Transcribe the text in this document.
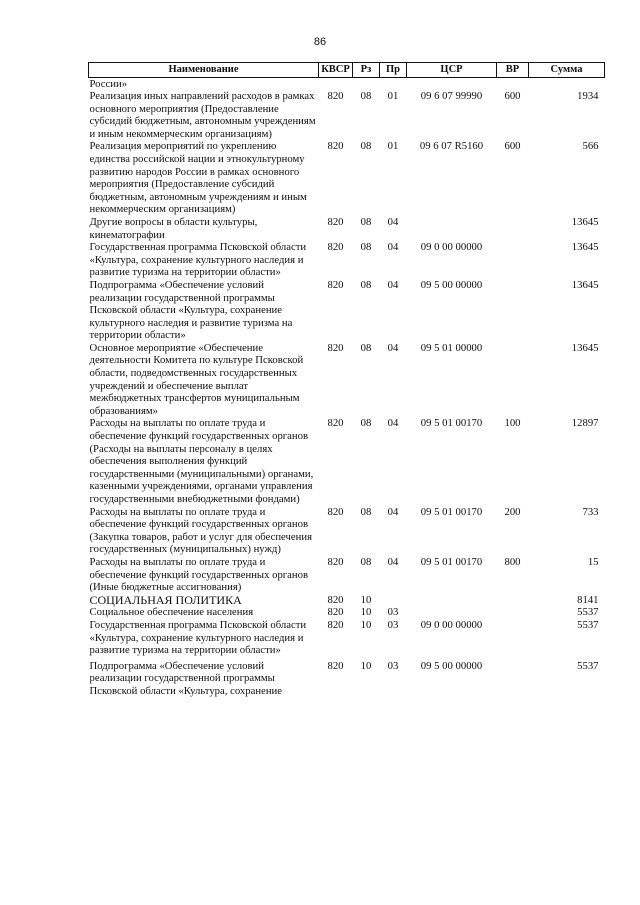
86
Наименование	КВСР	Рз	Пр	ЦСР	ВР	Сумма
России»						
Реализация иных направлений расходов в рамках основного мероприятия (Предоставление субсидий бюджетным, автономным учреждениям и иным некоммерческим организациям)	820	08	01	09 6 07 99990	600	1934
Реализация мероприятий по укреплению единства российской нации и этнокультурному развитию народов России в рамках основного мероприятия (Предоставление субсидий бюджетным, автономным учреждениям и иным некоммерческим организациям)	820	08	01	09 6 07 R5160	600	566
Другие вопросы в области культуры, кинематографии	820	08	04			13645
Государственная программа Псковской области «Культура, сохранение культурного наследия и развитие туризма на территории области»	820	08	04	09 0 00 00000		13645
Подпрограмма «Обеспечение условий реализации государственной программы Псковской области «Культура, сохранение культурного наследия и развитие туризма на территории области»	820	08	04	09 5 00 00000		13645
Основное мероприятие «Обеспечение деятельности Комитета по культуре Псковской области, подведомственных государственных учреждений и обеспечение выплат межбюджетных трансфертов муниципальным образованиям»	820	08	04	09 5 01 00000		13645
Расходы на выплаты по оплате труда и обеспечение функций государственных органов (Расходы на выплаты персоналу в целях обеспечения выполнения функций государственными (муниципальными) органами, казенными учреждениями, органами управления государственными внебюджетными фондами)	820	08	04	09 5 01 00170	100	12897
Расходы на выплаты по оплате труда и обеспечение функций государственных органов (Закупка товаров, работ и услуг для обеспечения государственных (муниципальных) нужд)	820	08	04	09 5 01 00170	200	733
Расходы на выплаты по оплате труда и обеспечение функций государственных органов (Иные бюджетные ассигнования)	820	08	04	09 5 01 00170	800	15
СОЦИАЛЬНАЯ ПОЛИТИКА	820	10				8141
Социальное обеспечение населения	820	10	03			5537
Государственная программа Псковской области «Культура, сохранение культурного наследия и развитие туризма на территории области»	820	10	03	09 0 00 00000		5537
Подпрограмма «Обеспечение условий реализации государственной программы Псковской области «Культура, сохранение	820	10	03	09 5 00 00000		5537
